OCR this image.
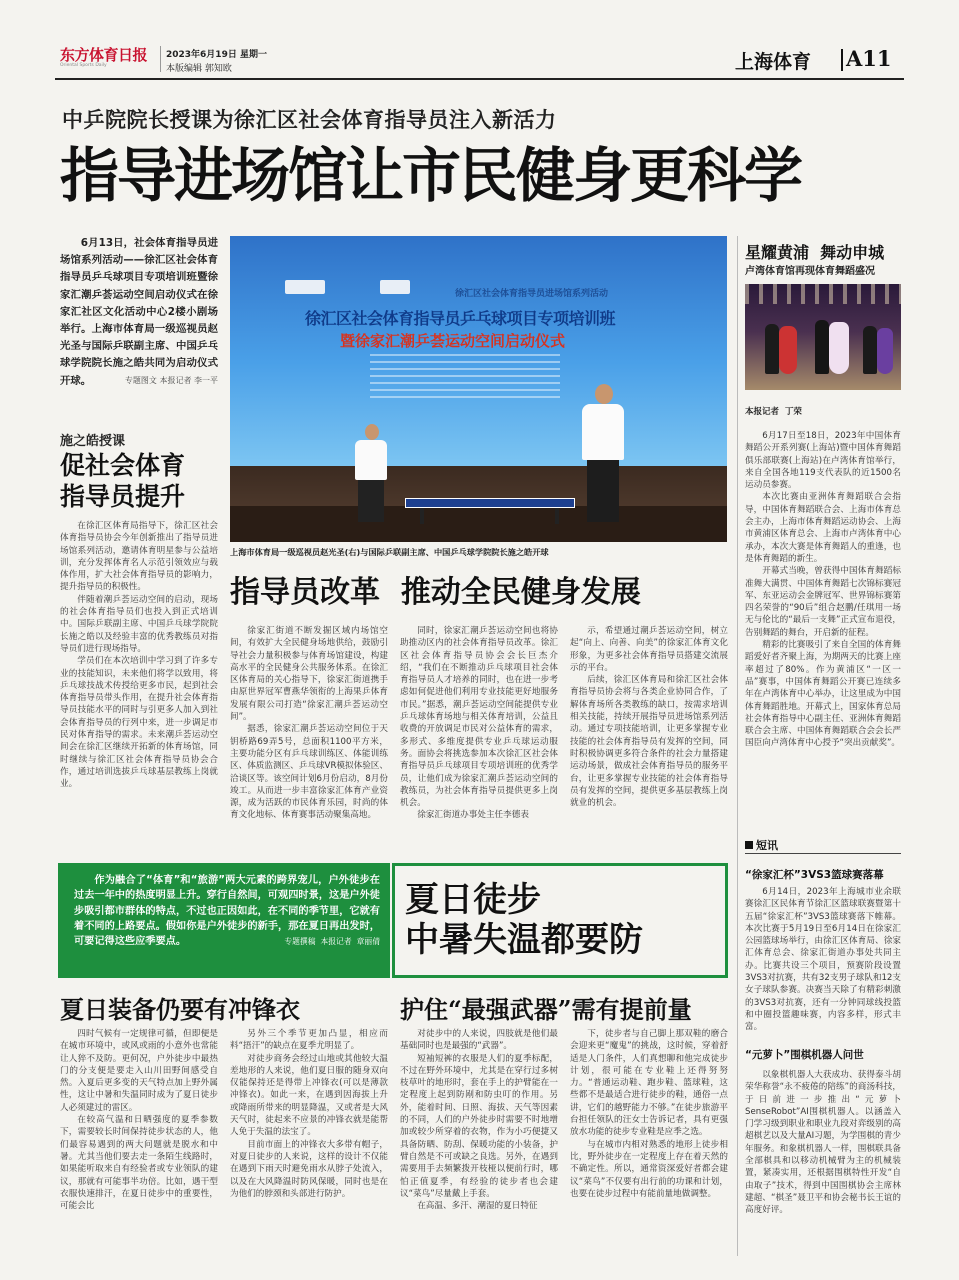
东方体育日报
Oriental Sports Daily
2023年6月19日 星期一
本版编辑 郭知欧	上海体育 A11
中乒院院长授课为徐汇区社会体育指导员注入新活力
指导进场馆让市民健身更科学
6月13日，社会体育指导员进场馆系列活动——徐汇区社会体育指导员乒乓球项目专项培训班暨徐家汇潮乒荟运动空间启动仪式在徐家汇社区文化活动中心2楼小剧场举行。上海市体育局一级巡视员赵光圣与国际乒联副主席、中国乒乓球学院院长施之皓共同为启动仪式开球。	专题图文 本报记者 李一平
徐汇区社会体育指导员进场馆系列活动
徐汇区社会体育指导员乒乓球项目专项培训班
暨徐家汇潮乒荟运动空间启动仪式
上海市体育局一级巡视员赵光圣(右)与国际乒联副主席、中国乒乓球学院院长施之皓开球
施之皓授课
促社会体育
指导员提升

在徐汇区体育局指导下，徐汇区社会体育指导员协会今年创新推出了指导员进场馆系列活动，邀请体育明星参与公益培训，充分发挥体育名人示范引领效应与载体作用，扩大社会体育指导员的影响力，提升指导员的积极性。

伴随着潮乒荟运动空间的启动，现场的社会体育指导员们也投入到正式培训中。国际乒联副主席、中国乒乓球学院院长施之皓以及经验丰富的优秀教练员对指导员们进行现场指导。

学员们在本次培训中学习到了许多专业的技能知识，未来他们将学以致用，将乒乓球技战术传授给更多市民，起到社会体育指导员带头作用，在提升社会体育指导员技能水平的同时与引更多人加入到社会体育指导员的行列中来，进一步调足市民对体育指导的需求。未来潮乒荟运动空间会在徐汇区继续开拓新的体育场馆，同时继续与徐汇区社会体育指导员协会合作，通过培训选拔乒乓球基层教练上岗就业。

指导员改革  推动全民健身发展

徐家汇街道不断发掘区域内场馆空间，有效扩大全民健身场地供给，鼓励引导社会力量积极参与体育场馆建设，构建高水平的全民健身公共服务体系。在徐汇区体育局的关心指导下，徐家汇街道携手由原世界冠军曹燕华领衔的上海果乒体育发展有限公司打造“徐家汇潮乒荟运动空间”。

据悉，徐家汇潮乒荟运动空间位于天钥桥路69弄5号，总面积1100平方米，主要功能分区有乒乓球训练区、体能训练区、体质监测区、乒乓球VR模拟体验区、洽谈区等。该空间计划6月份启动，8月份竣工。从而进一步丰富徐家汇体育产业资源，成为活跃的市民体育乐园，时尚的体育文化地标、体育赛事活动聚集高地。

同时，徐家汇潮乒荟运动空间也将协助推动区内的社会体育指导员改革。徐汇区社会体育指导员协会会长巨杰介绍，“我们在不断推动乒乓球项目社会体育指导员人才培养的同时，也在进一步考虑如何促进他们利用专业技能更好地服务市民。”据悉，潮乒荟运动空间能提供专业乒乓球体育场地与相关体育培训，公益且收费的开放调足市民对公益体育的需求，多形式、多维度提供专业乒乓球运动服务。面协会将挑选参加本次徐汇区社会体育指导员乒乓球项目专项培训班的优秀学员，让他们成为徐家汇潮乒荟运动空间的教练员，为社会体育指导员提供更多上岗机会。

徐家汇街道办事处主任李德表

示，希望通过潮乒荟运动空间，树立起“向上、向善、向美”的徐家汇体育文化形象，为更多社会体育指导员搭建交流展示的平台。

后续，徐汇区体育局和徐汇区社会体育指导员协会将与各类企业协同合作，了解体育场所各类教练的缺口，按需求培训相关技能，持续开展指导员进场馆系列活动。通过专项技能培训，让更多掌握专业技能的社会体育指导员有发挥的空间，同时积极协调更多符合条件的社会力量搭建运动场景，做成社会体育指导员的服务平台，让更多掌握专业技能的社会体育指导员有发挥的空间，提供更多基层教练上岗就业的机会。

星耀黄浦  舞动申城
卢湾体育馆再现体育舞蹈盛况
本报记者  丁荣

6月17日至18日，2023年中国体育舞蹈公开系列赛(上海站)暨中国体育舞蹈俱乐部联赛(上海站)在卢湾体育馆举行，来自全国各地119支代表队的近1500名运动员参赛。

本次比赛由亚洲体育舞蹈联合会指导，中国体育舞蹈联合会、上海市体育总会主办，上海市体育舞蹈运动协会、上海市黄浦区体育总会、上海市卢湾体育中心承办，本次大赛是体育舞蹈人的重逢，也是体育舞蹈的新生。

开幕式当晚，曾获得中国体育舞蹈标准舞大满贯、中国体育舞蹈七次锦标赛冠军、东亚运动会金牌冠军、世界锦标赛第四名荣誉的“90后”组合赵鹏/任琪用一场无与伦比的“最后一支舞”正式宣布退役，告别舞蹈的舞台，开启新的征程。

精彩的比赛吸引了来自全国的体育舞蹈爱好者齐聚上海，为期两天的比赛上座率超过了80%。作为黄浦区“一区一品”赛事，中国体育舞蹈公开赛已连续多年在卢湾体育中心举办，让这里成为中国体育舞蹈胜地。开幕式上，国家体育总局社会体育指导中心副主任、亚洲体育舞蹈联合会主席、中国体育舞蹈联合会会长严国臣向卢湾体育中心授予“突出贡献奖”。

短讯
“徐家汇杯”3VS3篮球赛落幕
6月14日，2023年上海城市业余联赛徐汇区民体育节徐汇区篮球联赛暨第十五届“徐家汇杯”3VS3篮球赛落下帷幕。本次比赛于5月19日至6月14日在徐家汇公园篮球场举行，由徐汇区体育局、徐家汇体育总会、徐家汇街道办事处共同主办。比赛共设三个项目，预赛阶段设置3VS3对抗赛，共有32支男子球队和12支女子球队参赛。决赛当天除了有精彩刺激的3VS3对抗赛，还有一分钟同球线投篮和中圈投篮趣味赛，内容多样，形式丰富。
“元萝卜”围棋机器人问世
以象棋机器人大获成功、获得泰斗胡荣华称誉“永不疲倦的陪练”的商汤科技，于日前进一步推出“元萝卜SenseRobot”AI围棋机器人。以涵盖入门学习级到职业和职业九段对弈级别的高超棋艺以及大量AI习题，为学围棋的青少年服务。和象棋机器人一样，围棋联具备全部棋具和以移动机械臂为主的机械装置，紧凑实用，还根据围棋特性开发“自由取子”技术，得到中国围棋协会主席林建超、“棋圣”聂卫平和协会秘书长王谊的高度好评。
作为融合了“体育”和“旅游”两大元素的跨界宠儿，户外徒步在过去一年中的热度明显上升。穿行自然间，可观四时景，这是户外徒步吸引都市群体的特点，不过也正因如此，在不同的季节里，它就有着不同的上路要点。假如你是户外徒步的新手，那在夏日再出发时，可要记得这些应季要点。	专题撰稿  本报记者  章丽倩
夏日徒步
中暑失温都要防
夏日装备仍要有冲锋衣

四时气候有一定规律可循，但即便是在城市环境中，或风或雨的小意外也常能让人猝不及防。更何况，户外徒步中最热门的分支便是要走入山川田野间感受自然。入夏后更多变的天气特点加上野外属性，这让中暑和失温同时成为了夏日徒步人必须建过的雷区。

在较高气温和日晒强度的夏季参数下，需要较长时间保持徒步状态的人，他们最容易遇到的两大问题就是脱水和中暑。尤其当他们要去走一条陌生线路时，如果能听取来自有经验者或专业领队的建议，那就有可能事半功倍。比如，遇干型衣服快速排汗，在夏日徒步中的重要性，可能会比

另外三个季节更加凸显，相应而料“捂汗”的缺点在夏季尤明显了。

对徒步商务会经过山地或其他较大温差地形的人来说，他们夏日服的随身双向仅能保持还是得带上冲锋衣(可以是薄款冲锋衣)。如此一来，在遇到因海拔上升或降雨所带来的明显降温，又或者是大风天气时，徒起来不应景的冲锋衣就是能帮人免于失温的法宝了。

目前市面上的冲锋衣大多带有帽子，对夏日徒步的人来说，这样的设计不仅能在遇到下雨天时避免雨水从脖子处流入，以及在大风降温时防风保暖，同时也是在为他们的脖颈和头部进行防护。

护住“最强武器”需有提前量

对徒步中的人来说，四肢就是他们最基础同时也是最强的“武器”。

短袖短裤的衣服是人们的夏季标配，不过在野外环境中，尤其是在穿行过多树枝草叶的地形时，套在手上的护臂能在一定程度上起到防剐和防虫叮的作用。另外，能着时间、日照、海拔、天气等因素的不同，人们的户外徒步时需要不时地增加或较少所穿着的衣物，作为小巧便捷又具备防晒、防刮、保暖功能的小装备，护臂自然是不可或缺之良选。另外，在遇到需要用手去频繁拨开枝桠以便前行时，哪怕正值夏季，有经验的徒步者也会建议“菜鸟”尽量戴上手套。

在高温、多汗、潮湿的夏日特征

下，徒步者与自己脚上那双鞋的磨合会迎来更“魔鬼”的挑战，这时候，穿着舒适是人门条件，人们真想聊和他完成徒步计划，很可能在专业鞋上还得努努力。“普通运动鞋、跑步鞋、篮球鞋，这些都不是最适合进行徒步的鞋，通俗一点讲，它们的越野能力不够。”在徒步旅游平台担任领队的汪女士告诉记者，具有更强放水功能的徒步专业鞋是应季之选。

与在城市内相对熟悉的地形上徒步相比，野外徒步在一定程度上存在着天然的不确定性。所以，通常资深爱好者都会建议“菜鸟”不仅要有出行前的功课和计划，也要在徒步过程中有能前量地做调整。
